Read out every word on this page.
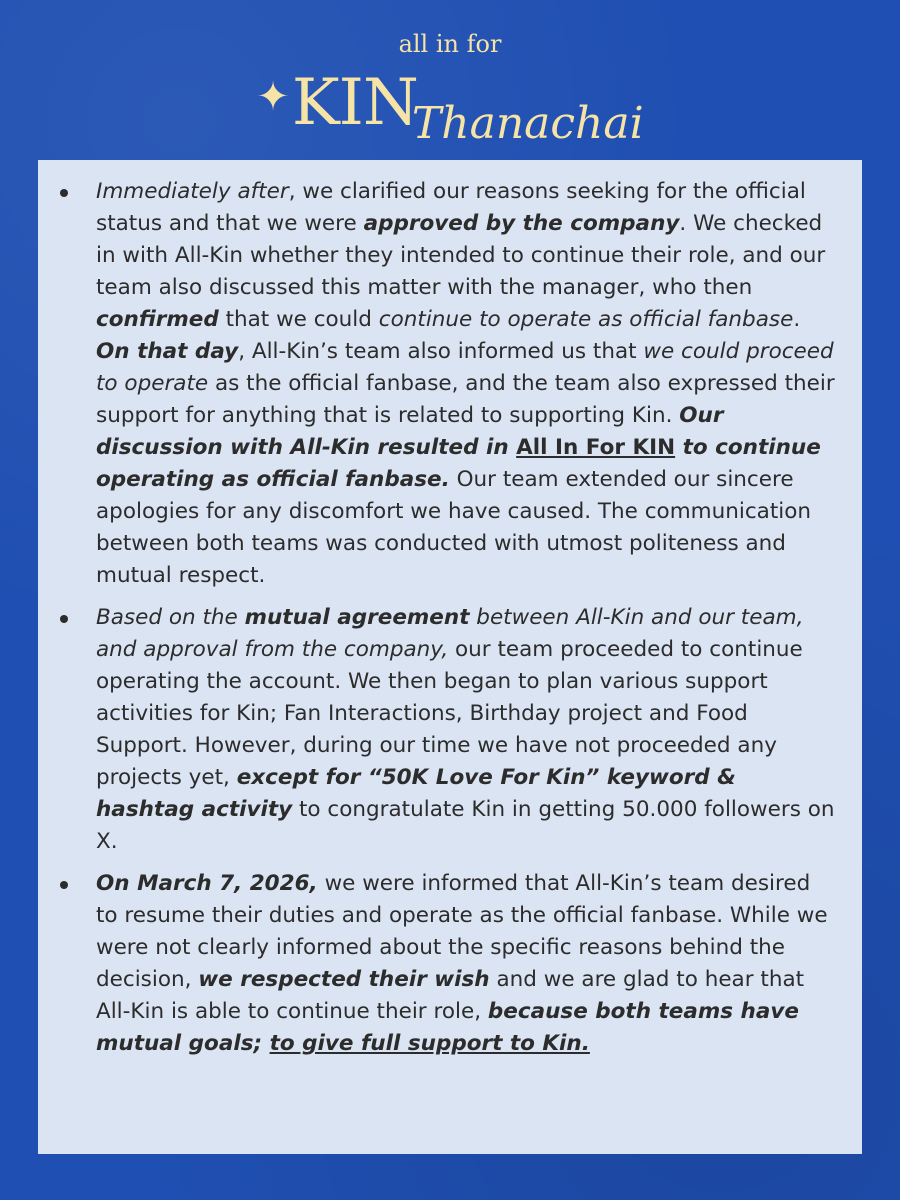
all in for
✦KINThanachai
Immediately after, we clarified our reasons seeking for the official status and that we were approved by the company. We checked in with All-Kin whether they intended to continue their role, and our team also discussed this matter with the manager, who then confirmed that we could continue to operate as official fanbase. On that day, All-Kin’s team also informed us that we could proceed to operate as the official fanbase, and the team also expressed their support for anything that is related to supporting Kin. Our discussion with All-Kin resulted in All In For KIN to continue operating as official fanbase. Our team extended our sincere apologies for any discomfort we have caused. The communication between both teams was conducted with utmost politeness and mutual respect.
Based on the mutual agreement between All-Kin and our team, and approval from the company, our team proceeded to continue operating the account. We then began to plan various support activities for Kin; Fan Interactions, Birthday project and Food Support. However, during our time we have not proceeded any projects yet, except for “50K Love For Kin” keyword & hashtag activity to congratulate Kin in getting 50.000 followers on X.
On March 7, 2026, we were informed that All-Kin’s team desired to resume their duties and operate as the official fanbase. While we were not clearly informed about the specific reasons behind the decision, we respected their wish and we are glad to hear that All-Kin is able to continue their role, because both teams have mutual goals; to give full support to Kin.
